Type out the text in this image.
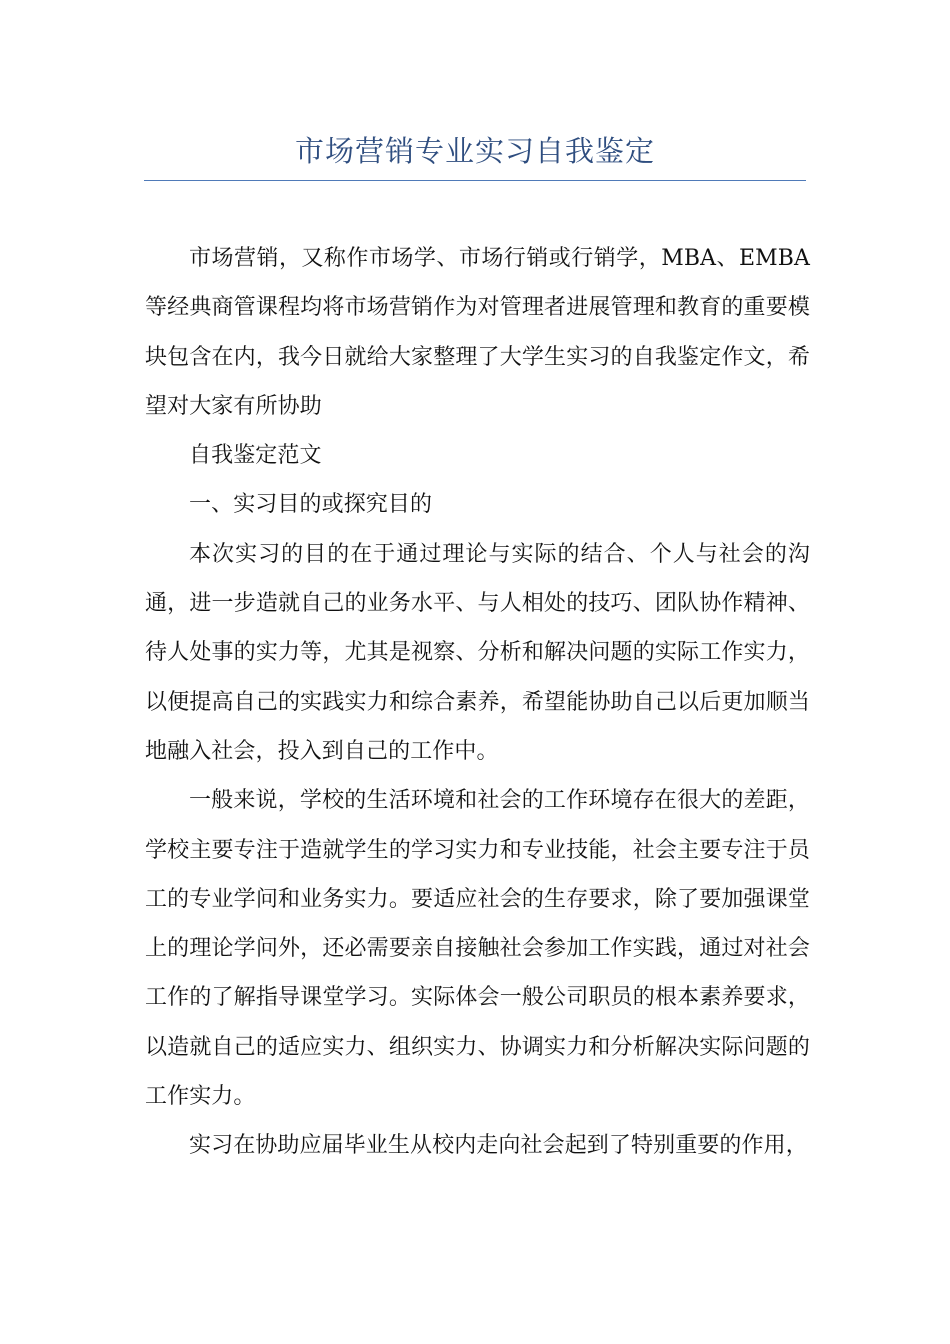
市场营销专业实习自我鉴定

市场营销，又称作市场学、市场行销或行销学，MBA、EMBA等经典商管课程均将市场营销作为对管理者进展管理和教育的重要模块包含在内，我今日就给大家整理了大学生实习的自我鉴定作文，希望对大家有所协助

自我鉴定范文

一、实习目的或探究目的

本次实习的目的在于通过理论与实际的结合、个人与社会的沟通，进一步造就自己的业务水平、与人相处的技巧、团队协作精神、待人处事的实力等，尤其是视察、分析和解决问题的实际工作实力，以便提高自己的实践实力和综合素养，希望能协助自己以后更加顺当地融入社会，投入到自己的工作中。

一般来说，学校的生活环境和社会的工作环境存在很大的差距，学校主要专注于造就学生的学习实力和专业技能，社会主要专注于员工的专业学问和业务实力。要适应社会的生存要求，除了要加强课堂上的理论学问外，还必需要亲自接触社会参加工作实践，通过对社会工作的了解指导课堂学习。实际体会一般公司职员的根本素养要求，以造就自己的适应实力、组织实力、协调实力和分析解决实际问题的工作实力。

实习在协助应届毕业生从校内走向社会起到了特别重要的作用，
